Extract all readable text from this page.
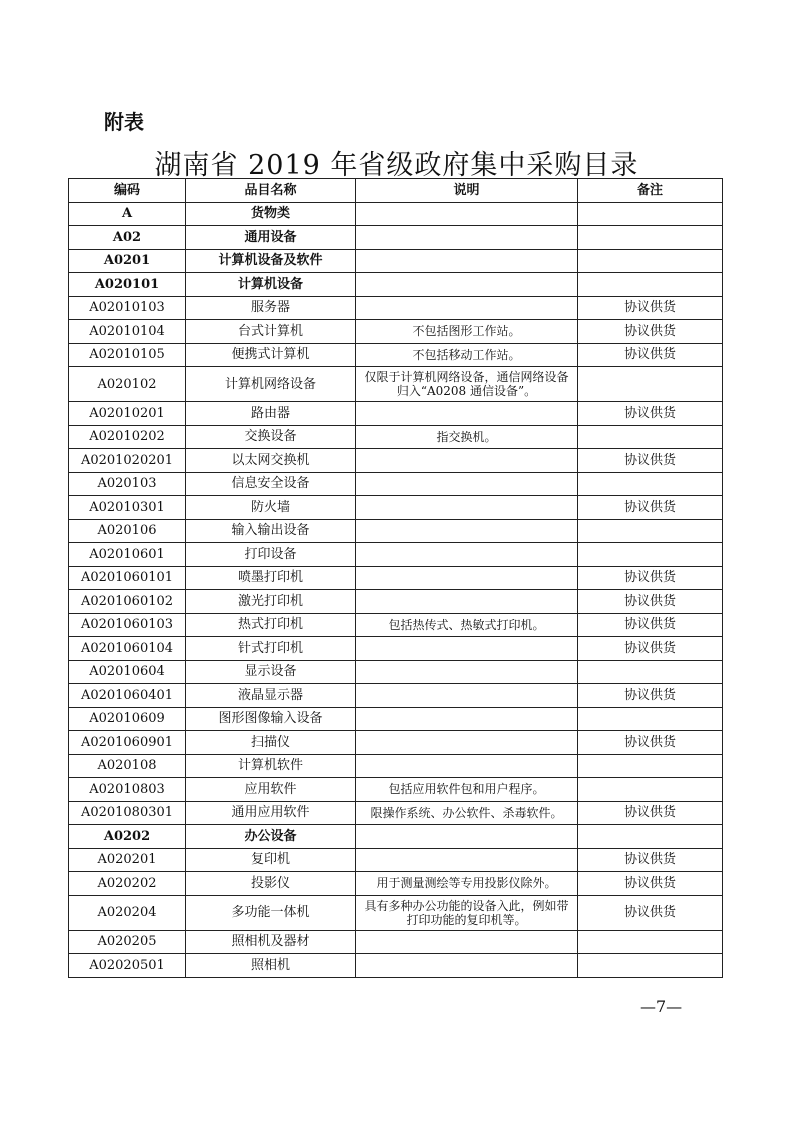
附表
湖南省 2019 年省级政府集中采购目录
编码	品目名称	说明	备注
A	货物类		
A02	通用设备		
A0201	计算机设备及软件		
A020101	计算机设备		
A02010103	服务器		协议供货
A02010104	台式计算机	不包括图形工作站。	协议供货
A02010105	便携式计算机	不包括移动工作站。	协议供货
A020102	计算机网络设备	仅限于计算机网络设备，通信网络设备归入“A0208 通信设备”。	
A02010201	路由器		协议供货
A02010202	交换设备	指交换机。	
A0201020201	以太网交换机		协议供货
A020103	信息安全设备		
A02010301	防火墙		协议供货
A020106	输入输出设备		
A02010601	打印设备		
A0201060101	喷墨打印机		协议供货
A0201060102	激光打印机		协议供货
A0201060103	热式打印机	包括热传式、热敏式打印机。	协议供货
A0201060104	针式打印机		协议供货
A02010604	显示设备		
A0201060401	液晶显示器		协议供货
A02010609	图形图像输入设备		
A0201060901	扫描仪		协议供货
A020108	计算机软件		
A02010803	应用软件	包括应用软件包和用户程序。	
A0201080301	通用应用软件	限操作系统、办公软件、杀毒软件。	协议供货
A0202	办公设备		
A020201	复印机		协议供货
A020202	投影仪	用于测量测绘等专用投影仪除外。	协议供货
A020204	多功能一体机	具有多种办公功能的设备入此，例如带打印功能的复印机等。	协议供货
A020205	照相机及器材		
A02020501	照相机		
—7—
